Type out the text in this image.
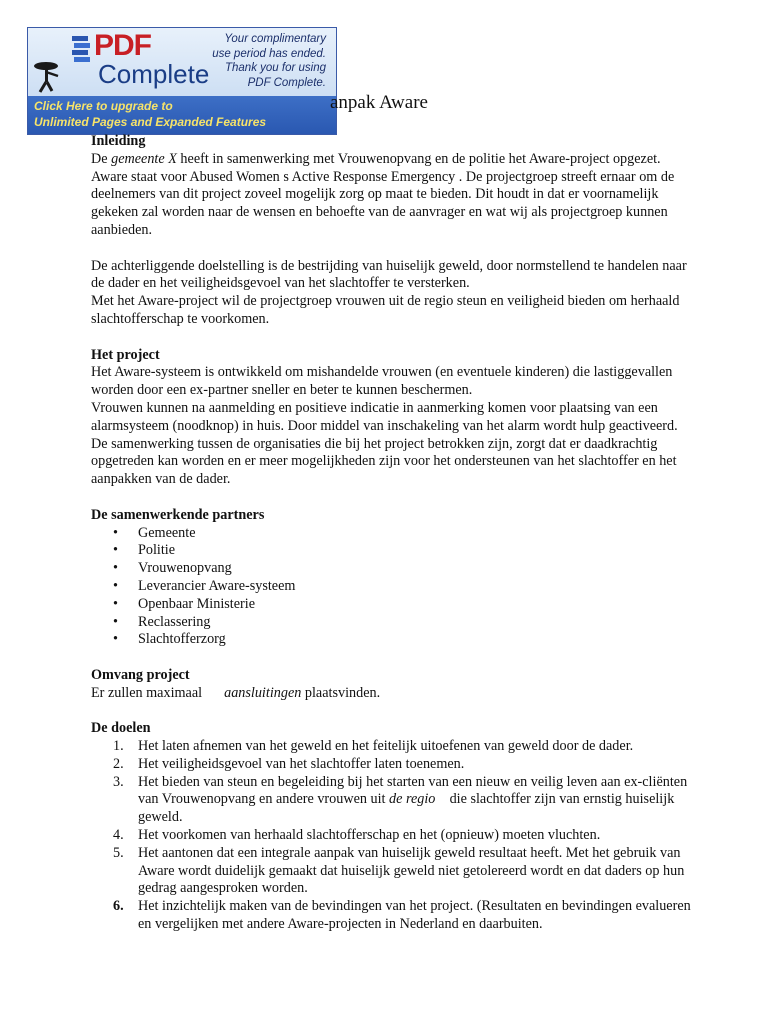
PDF
Complete
Your complimentary
use period has ended.
Thank you for using
PDF Complete.
Click Here to upgrade to
Unlimited Pages and Expanded Features
anpak Aware
Inleiding

De gemeente X heeft in samenwerking met Vrouwenopvang en de politie het Aware-project opgezet. Aware staat voor Abused Women s Active Response Emergency . De projectgroep streeft ernaar om de deelnemers van dit project zoveel mogelijk zorg op maat te bieden. Dit houdt in dat er voornamelijk gekeken zal worden naar de wensen en behoefte van de aanvrager en wat wij als projectgroep kunnen aanbieden.

De achterliggende doelstelling is de bestrijding van huiselijk geweld, door normstellend te handelen naar de dader en het veiligheidsgevoel van het slachtoffer te versterken.

Met het Aware-project wil de projectgroep vrouwen uit de regio steun en veiligheid bieden om herhaald slachtofferschap te voorkomen.

Het project

Het Aware-systeem is ontwikkeld om mishandelde vrouwen (en eventuele kinderen) die lastiggevallen worden door een ex-partner sneller en beter te kunnen beschermen.

Vrouwen kunnen na aanmelding en positieve indicatie in aanmerking komen voor plaatsing van een alarmsysteem (noodknop) in huis. Door middel van inschakeling van het alarm wordt hulp geactiveerd. De samenwerking tussen de organisaties die bij het project betrokken zijn, zorgt dat er daadkrachtig opgetreden kan worden en er meer mogelijkheden zijn voor het ondersteunen van het slachtoffer en het aanpakken van de dader.

De samenwerkende partners
• Gemeente
• Politie
• Vrouwenopvang
• Leverancier Aware-systeem
• Openbaar Ministerie
• Reclassering
• Slachtofferzorg
Omvang project

Er zullen maximaal aansluitingen plaatsvinden.

De doelen
1. Het laten afnemen van het geweld en het feitelijk uitoefenen van geweld door de dader.
2. Het veiligheidsgevoel van het slachtoffer laten toenemen.
3. Het bieden van steun en begeleiding bij het starten van een nieuw en veilig leven aan ex-cliënten van Vrouwenopvang en andere vrouwen uit de regio    die slachtoffer zijn van ernstig huiselijk geweld.
4. Het voorkomen van herhaald slachtofferschap en het (opnieuw) moeten vluchten.
5. Het aantonen dat een integrale aanpak van huiselijk geweld resultaat heeft. Met het gebruik van Aware wordt duidelijk gemaakt dat huiselijk geweld niet getolereerd wordt en dat daders op hun gedrag aangesproken worden.
6. Het inzichtelijk maken van de bevindingen van het project. (Resultaten en bevindingen evalueren en vergelijken met andere Aware-projecten in Nederland en daarbuiten.
